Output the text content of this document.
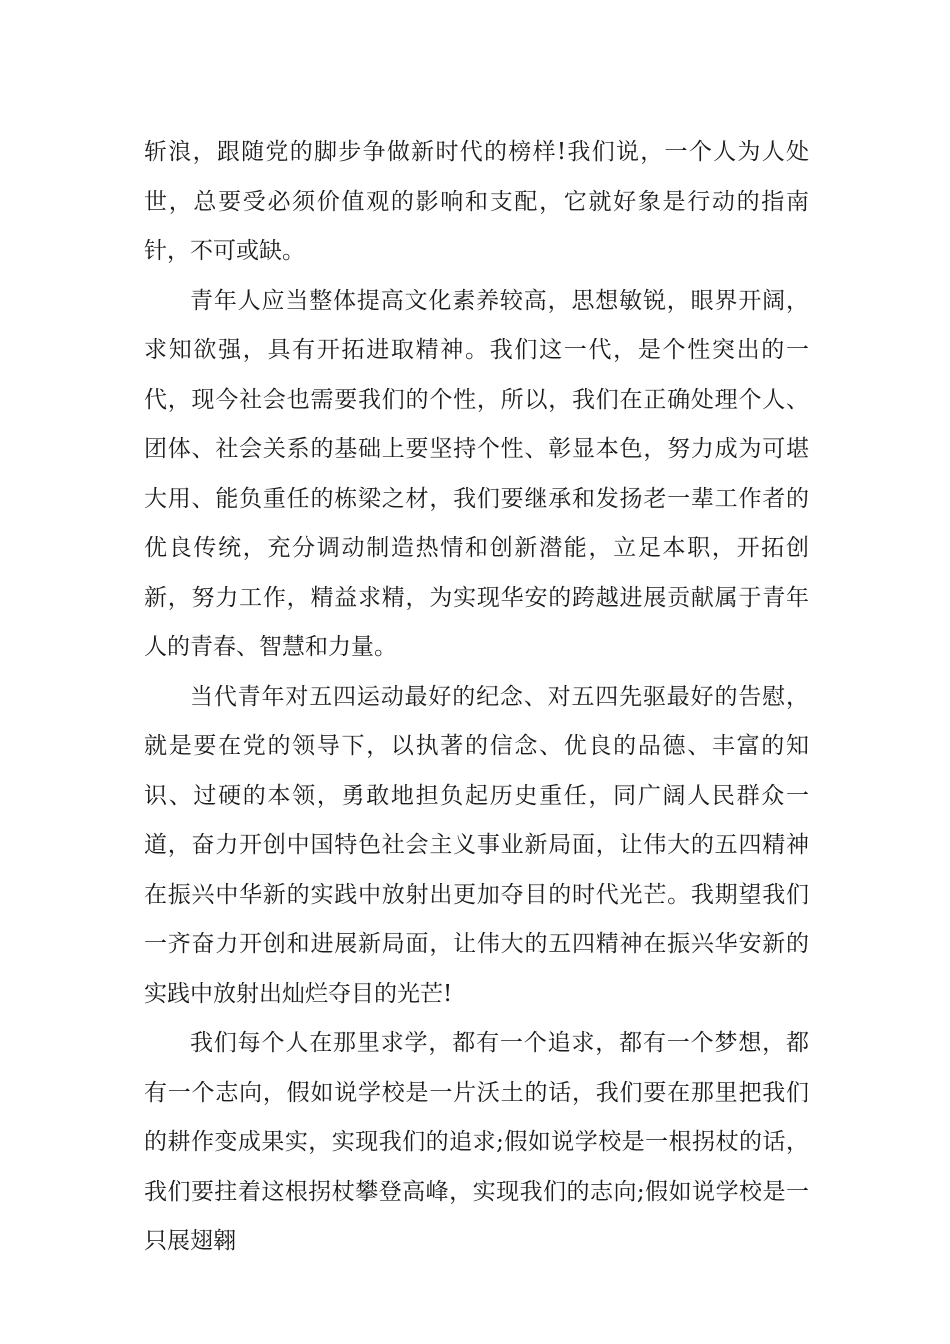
斩浪，跟随党的脚步争做新时代的榜样!我们说，一个人为人处世，总要受必须价值观的影响和支配，它就好象是行动的指南针，不可或缺。

青年人应当整体提高文化素养较高，思想敏锐，眼界开阔，求知欲强，具有开拓进取精神。我们这一代，是个性突出的一代，现今社会也需要我们的个性，所以，我们在正确处理个人、团体、社会关系的基础上要坚持个性、彰显本色，努力成为可堪大用、能负重任的栋梁之材，我们要继承和发扬老一辈工作者的优良传统，充分调动制造热情和创新潜能，立足本职，开拓创新，努力工作，精益求精，为实现华安的跨越进展贡献属于青年人的青春、智慧和力量。

当代青年对五四运动最好的纪念、对五四先驱最好的告慰，就是要在党的领导下，以执著的信念、优良的品德、丰富的知识、过硬的本领，勇敢地担负起历史重任，同广阔人民群众一道，奋力开创中国特色社会主义事业新局面，让伟大的五四精神在振兴中华新的实践中放射出更加夺目的时代光芒。我期望我们一齐奋力开创和进展新局面，让伟大的五四精神在振兴华安新的实践中放射出灿烂夺目的光芒!

我们每个人在那里求学，都有一个追求，都有一个梦想，都有一个志向，假如说学校是一片沃土的话，我们要在那里把我们的耕作变成果实，实现我们的追求;假如说学校是一根拐杖的话，我们要拄着这根拐杖攀登高峰，实现我们的志向;假如说学校是一只展翅翱
